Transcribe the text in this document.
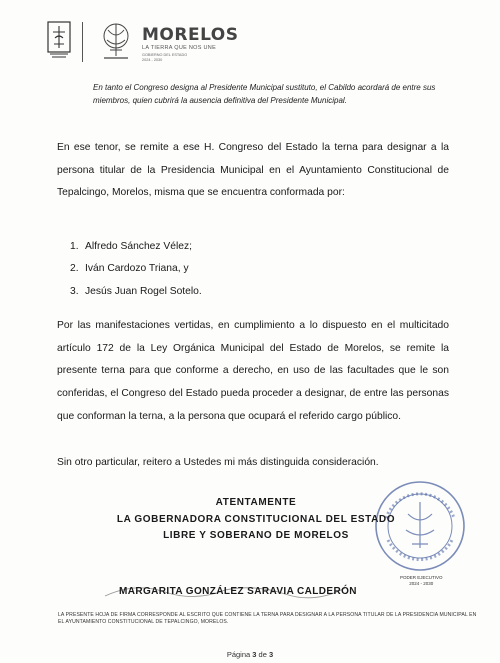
MORELOS
LA TIERRA QUE NOS UNE
GOBIERNO DEL ESTADO
2024 - 2030

En tanto el Congreso designa al Presidente Municipal sustituto, el Cabildo acordará de entre sus miembros, quien cubrirá la ausencia definitiva del Presidente Municipal.

En ese tenor, se remite a ese H. Congreso del Estado la terna para designar a la persona titular de la Presidencia Municipal en el Ayuntamiento Constitucional de Tepalcingo, Morelos, misma que se encuentra conformada por:

1. Alfredo Sánchez Vélez;
2. Iván Cardozo Triana, y
3. Jesús Juan Rogel Sotelo.

Por las manifestaciones vertidas, en cumplimiento a lo dispuesto en el multicitado artículo 172 de la Ley Orgánica Municipal del Estado de Morelos, se remite la presente terna para que conforme a derecho, en uso de las facultades que le son conferidas, el Congreso del Estado pueda proceder a designar, de entre las personas que conforman la terna, a la persona que ocupará el referido cargo público.

Sin otro particular, reitero a Ustedes mi más distinguida consideración.

ATENTAMENTE
LA GOBERNADORA CONSTITUCIONAL DEL ESTADO
LIBRE Y SOBERANO DE MORELOS
PODER EJECUTIVO
2024 - 2030
MARGARITA GONZÁLEZ SARAVIA CALDERÓN

LA PRESENTE HOJA DE FIRMA CORRESPONDE AL ESCRITO QUE CONTIENE LA TERNA PARA DESIGNAR A LA PERSONA TITULAR DE LA PRESIDENCIA MUNICIPAL EN EL AYUNTAMIENTO CONSTITUCIONAL DE TEPALCINGO, MORELOS.

Página 3 de 3
